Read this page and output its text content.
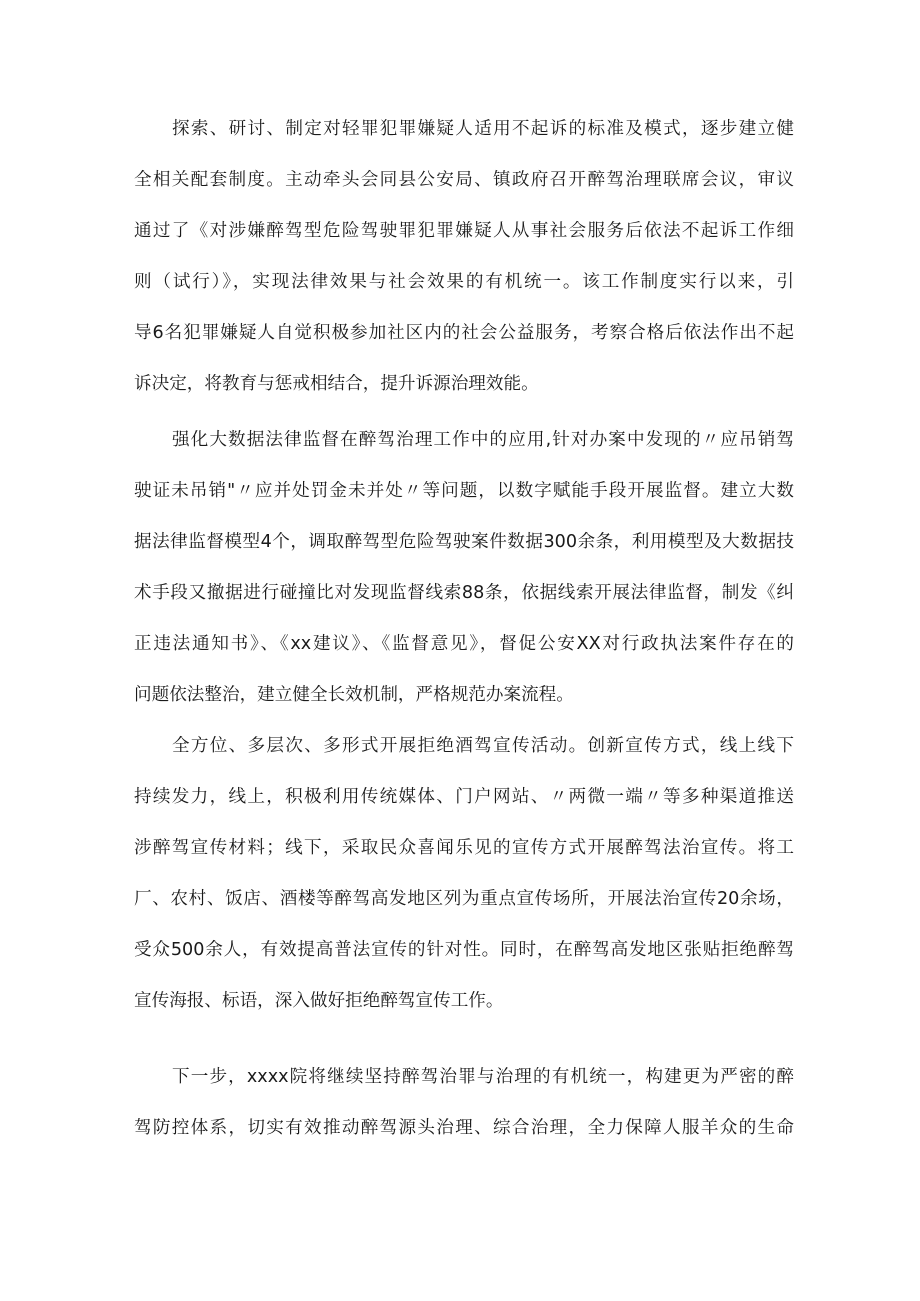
探索、研讨、制定对轻罪犯罪嫌疑人适用不起诉的标准及模式，逐步建立健
全相关配套制度。主动牵头会同县公安局、镇政府召开醉驾治理联席会议，审议
通过了《对涉嫌醉驾型危险驾驶罪犯罪嫌疑人从事社会服务后依法不起诉工作细
则（试行）》，实现法律效果与社会效果的有机统一。该工作制度实行以来，引
导6名犯罪嫌疑人自觉积极参加社区内的社会公益服务，考察合格后依法作出不起
诉决定，将教育与惩戒相结合，提升诉源治理效能。
强化大数据法律监督在醉驾治理工作中的应用,针对办案中发现的〃应吊销驾
驶证未吊销"〃应并处罚金未并处〃等问题，以数字赋能手段开展监督。建立大数
据法律监督模型4个，调取醉驾型危险驾驶案件数据300余条，利用模型及大数据技
术手段又撤据进行碰撞比对发现监督线索88条，依据线索开展法律监督，制发《纠
正违法通知书》、《xx建议》、《监督意见》，督促公安XX对行政执法案件存在的
问题依法整治，建立健全长效机制，严格规范办案流程。
全方位、多层次、多形式开展拒绝酒驾宣传活动。创新宣传方式，线上线下
持续发力，线上，积极利用传统媒体、门户网站、〃两微一端〃等多种渠道推送
涉醉驾宣传材料；线下，采取民众喜闻乐见的宣传方式开展醉驾法治宣传。将工
厂、农村、饭店、酒楼等醉驾高发地区列为重点宣传场所，开展法治宣传20余场，
受众500余人，有效提高普法宣传的针对性。同时，在醉驾高发地区张贴拒绝醉驾
宣传海报、标语，深入做好拒绝醉驾宣传工作。
下一步，xxxx院将继续坚持醉驾治罪与治理的有机统一，构建更为严密的醉
驾防控体系，切实有效推动醉驾源头治理、综合治理，全力保障人服羊众的生命
